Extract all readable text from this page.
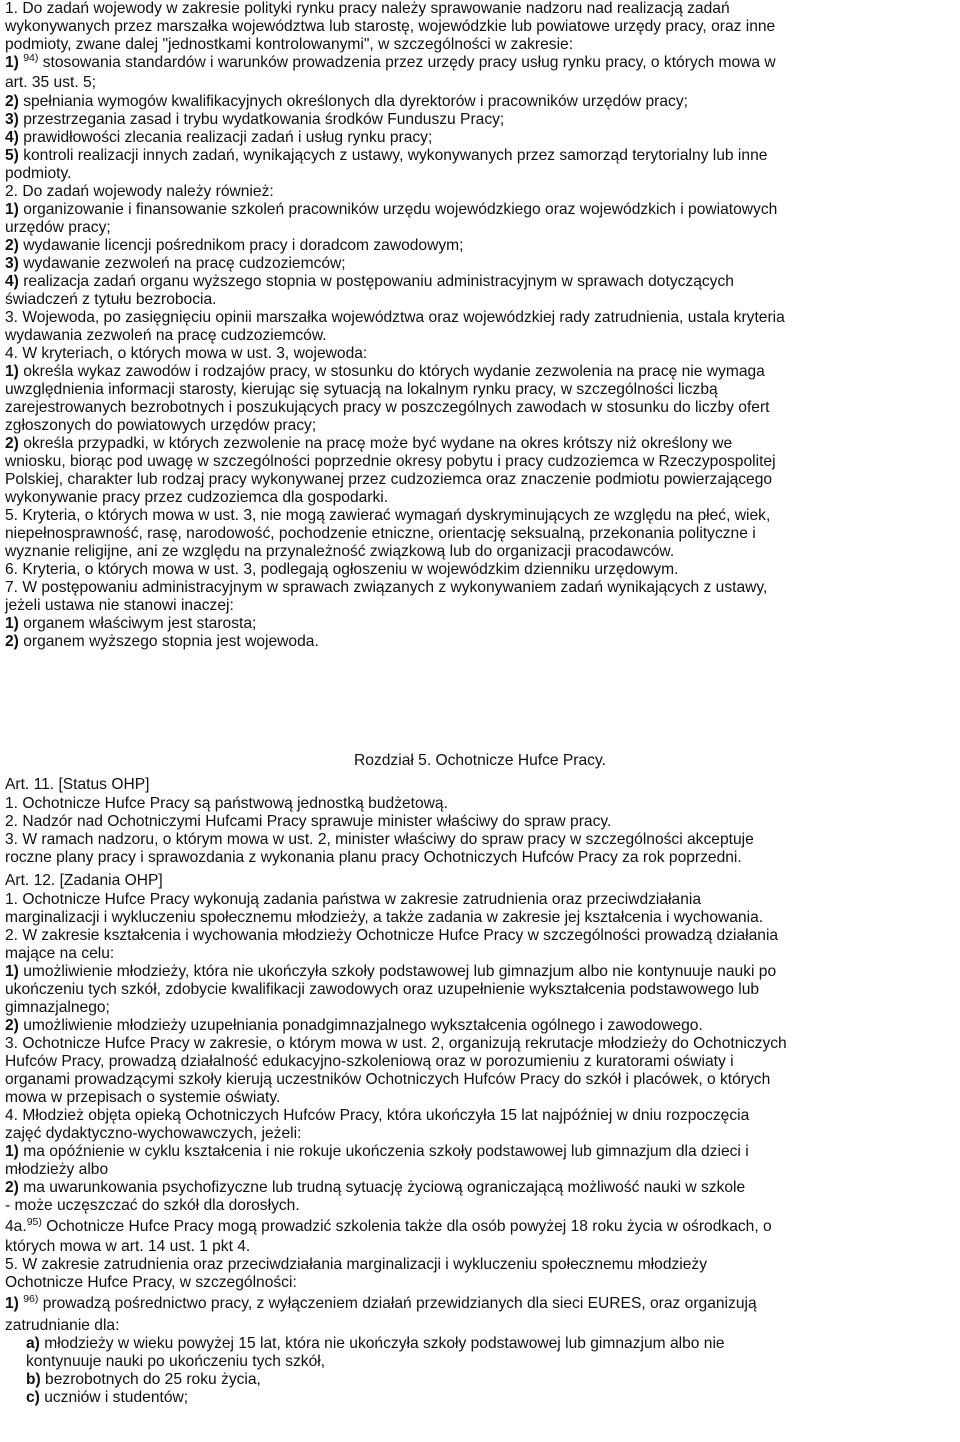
1. Do zadań wojewody w zakresie polityki rynku pracy należy sprawowanie nadzoru nad realizacją zadań
wykonywanych przez marszałka województwa lub starostę, wojewódzkie lub powiatowe urzędy pracy, oraz inne
podmioty, zwane dalej "jednostkami kontrolowanymi", w szczególności w zakresie:
1) $^{94)}$ stosowania standardów i warunków prowadzenia przez urzędy pracy usług rynku pracy, o których mowa w
art. 35 ust. 5;
2) spełniania wymogów kwalifikacyjnych określonych dla dyrektorów i pracowników urzędów pracy;
3) przestrzegania zasad i trybu wydatkowania środków Funduszu Pracy;
4) prawidłowości zlecania realizacji zadań i usług rynku pracy;
5) kontroli realizacji innych zadań, wynikających z ustawy, wykonywanych przez samorząd terytorialny lub inne
podmioty.
2. Do zadań wojewody należy również:
1) organizowanie i finansowanie szkoleń pracowników urzędu wojewódzkiego oraz wojewódzkich i powiatowych
urzędów pracy;
2) wydawanie licencji pośrednikom pracy i doradcom zawodowym;
3) wydawanie zezwoleń na pracę cudzoziemców;
4) realizacja zadań organu wyższego stopnia w postępowaniu administracyjnym w sprawach dotyczących
świadczeń z tytułu bezrobocia.
3. Wojewoda, po zasięgnięciu opinii marszałka województwa oraz wojewódzkiej rady zatrudnienia, ustala kryteria
wydawania zezwoleń na pracę cudzoziemców.
4. W kryteriach, o których mowa w ust. 3, wojewoda:
1) określa wykaz zawodów i rodzajów pracy, w stosunku do których wydanie zezwolenia na pracę nie wymaga
uwzględnienia informacji starosty, kierując się sytuacją na lokalnym rynku pracy, w szczególności liczbą
zarejestrowanych bezrobotnych i poszukujących pracy w poszczególnych zawodach w stosunku do liczby ofert
zgłoszonych do powiatowych urzędów pracy;
2) określa przypadki, w których zezwolenie na pracę może być wydane na okres krótszy niż określony we
wniosku, biorąc pod uwagę w szczególności poprzednie okresy pobytu i pracy cudzoziemca w Rzeczypospolitej
Polskiej, charakter lub rodzaj pracy wykonywanej przez cudzoziemca oraz znaczenie podmiotu powierzającego
wykonywanie pracy przez cudzoziemca dla gospodarki.
5. Kryteria, o których mowa w ust. 3, nie mogą zawierać wymagań dyskryminujących ze względu na płeć, wiek,
niepełnosprawność, rasę, narodowość, pochodzenie etniczne, orientację seksualną, przekonania polityczne i
wyznanie religijne, ani ze względu na przynależność związkową lub do organizacji pracodawców.
6. Kryteria, o których mowa w ust. 3, podlegają ogłoszeniu w wojewódzkim dzienniku urzędowym.
7. W postępowaniu administracyjnym w sprawach związanych z wykonywaniem zadań wynikających z ustawy,
jeżeli ustawa nie stanowi inaczej:
1) organem właściwym jest starosta;
2) organem wyższego stopnia jest wojewoda.
Rozdział 5. Ochotnicze Hufce Pracy.
Art. 11. [Status OHP]
1. Ochotnicze Hufce Pracy są państwową jednostką budżetową.
2. Nadzór nad Ochotniczymi Hufcami Pracy sprawuje minister właściwy do spraw pracy.
3. W ramach nadzoru, o którym mowa w ust. 2, minister właściwy do spraw pracy w szczególności akceptuje
roczne plany pracy i sprawozdania z wykonania planu pracy Ochotniczych Hufców Pracy za rok poprzedni.
Art. 12. [Zadania OHP]
1. Ochotnicze Hufce Pracy wykonują zadania państwa w zakresie zatrudnienia oraz przeciwdziałania
marginalizacji i wykluczeniu społecznemu młodzieży, a także zadania w zakresie jej kształcenia i wychowania.
2. W zakresie kształcenia i wychowania młodzieży Ochotnicze Hufce Pracy w szczególności prowadzą działania
mające na celu:
1) umożliwienie młodzieży, która nie ukończyła szkoły podstawowej lub gimnazjum albo nie kontynuuje nauki po
ukończeniu tych szkół, zdobycie kwalifikacji zawodowych oraz uzupełnienie wykształcenia podstawowego lub
gimnazjalnego;
2) umożliwienie młodzieży uzupełniania ponadgimnazjalnego wykształcenia ogólnego i zawodowego.
3. Ochotnicze Hufce Pracy w zakresie, o którym mowa w ust. 2, organizują rekrutacje młodzieży do Ochotniczych
Hufców Pracy, prowadzą działalność edukacyjno-szkoleniową oraz w porozumieniu z kuratorami oświaty i
organami prowadzącymi szkoły kierują uczestników Ochotniczych Hufców Pracy do szkół i placówek, o których
mowa w przepisach o systemie oświaty.
4. Młodzież objęta opieką Ochotniczych Hufców Pracy, która ukończyła 15 lat najpóźniej w dniu rozpoczęcia
zajęć dydaktyczno-wychowawczych, jeżeli:
1) ma opóźnienie w cyklu kształcenia i nie rokuje ukończenia szkoły podstawowej lub gimnazjum dla dzieci i
młodzieży albo
2) ma uwarunkowania psychofizyczne lub trudną sytuację życiową ograniczającą możliwość nauki w szkole
- może uczęszczać do szkół dla dorosłych.
4a.$^{95)}$ Ochotnicze Hufce Pracy mogą prowadzić szkolenia także dla osób powyżej 18 roku życia w ośrodkach, o
których mowa w art. 14 ust. 1 pkt 4.
5. W zakresie zatrudnienia oraz przeciwdziałania marginalizacji i wykluczeniu społecznemu młodzieży
Ochotnicze Hufce Pracy, w szczególności:
1) $^{96)}$ prowadzą pośrednictwo pracy, z wyłączeniem działań przewidzianych dla sieci EURES, oraz organizują
zatrudnianie dla:
a) młodzieży w wieku powyżej 15 lat, która nie ukończyła szkoły podstawowej lub gimnazjum albo nie
kontynuuje nauki po ukończeniu tych szkół,
b) bezrobotnych do 25 roku życia,
c) uczniów i studentów;
